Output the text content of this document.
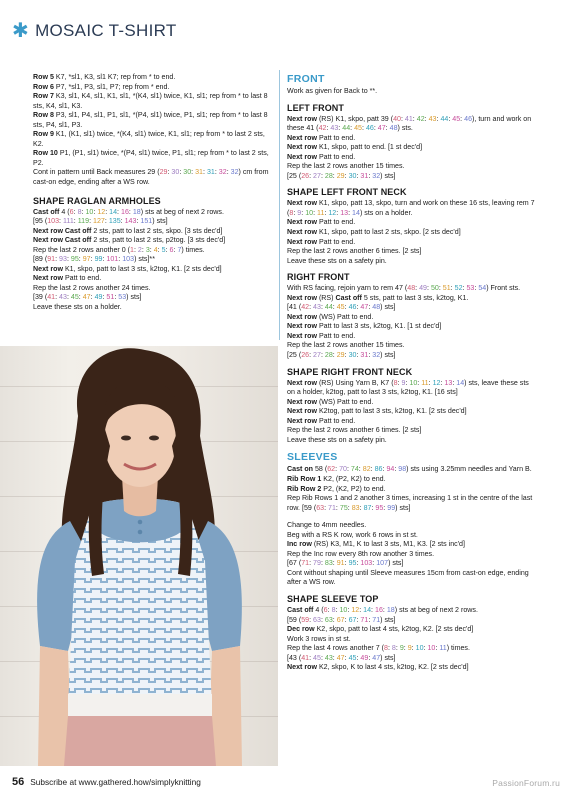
✱ MOSAIC T-SHIRT

Row 5 K7, *sl1, K3, sl1 K7; rep from * to end.

Row 6 P7, *sl1, P3, sl1, P7; rep from * end.

Row 7 K3, sl1, K4, sl1, K1, sl1, *(K4, sl1) twice, K1, sl1; rep from * to last 8 sts, K4, sl1, K3.

Row 8 P3, sl1, P4, sl1, P1, sl1, *(P4, sl1) twice, P1, sl1; rep from * to last 8 sts, P4, sl1, P3.

Row 9 K1, (K1, sl1) twice, *(K4, sl1) twice, K1, sl1; rep from * to last 2 sts, K2.

Row 10 P1, (P1, sl1) twice, *(P4, sl1) twice, P1, sl1; rep from * to last 2 sts, P2.

Cont in pattern until Back measures 29 (29: 30: 30: 31: 31: 32: 32) cm from cast-on edge, ending after a WS row.

SHAPE RAGLAN ARMHOLES

Cast off 4 (6: 8: 10: 12: 14: 16: 18) sts at beg of next 2 rows.

[95 (103: 111: 119: 127: 135: 143: 151) sts]

Next row Cast off 2 sts, patt to last 2 sts, skpo. [3 sts dec'd]

Next row Cast off 2 sts, patt to last 2 sts, p2tog. [3 sts dec'd]

Rep the last 2 rows another 0 (1: 2: 3: 4: 5: 6: 7) times.

[89 (91: 93: 95: 97: 99: 101: 103) sts]**

Next row K1, skpo, patt to last 3 sts, k2tog, K1. [2 sts dec'd]

Next row Patt to end.

Rep the last 2 rows another 24 times.

[39 (41: 43: 45: 47: 49: 51: 53) sts]

Leave these sts on a holder.

FRONT

Work as given for Back to **.

LEFT FRONT

Next row (RS) K1, skpo, patt 39 (40: 41: 42: 43: 44: 45: 46), turn and work on these 41 (42: 43: 44: 45: 46: 47: 48) sts.

Next row Patt to end.

Next row K1, skpo, patt to end. [1 st dec'd]

Next row Patt to end.

Rep the last 2 rows another 15 times.

[25 (26: 27: 28: 29: 30: 31: 32) sts]

SHAPE LEFT FRONT NECK

Next row K1, skpo, patt 13, skpo, turn and work on these 16 sts, leaving rem 7 (8: 9: 10: 11: 12: 13: 14) sts on a holder.

Next row Patt to end.

Next row K1, skpo, patt to last 2 sts, skpo. [2 sts dec'd]

Next row Patt to end.

Rep the last 2 rows another 6 times. [2 sts]

Leave these sts on a safety pin.

RIGHT FRONT

With RS facing, rejoin yarn to rem 47 (48: 49: 50: 51: 52: 53: 54) Front sts.

Next row (RS) Cast off 5 sts, patt to last 3 sts, k2tog, K1.

[41 (42: 43: 44: 45: 46: 47: 48) sts]

Next row (WS) Patt to end.

Next row Patt to last 3 sts, k2tog, K1. [1 st dec'd]

Next row Patt to end.

Rep the last 2 rows another 15 times.

[25 (26: 27: 28: 29: 30: 31: 32) sts]

SHAPE RIGHT FRONT NECK

Next row (RS) Using Yarn B, K7 (8: 9: 10: 11: 12: 13: 14) sts, leave these sts on a holder, k2tog, patt to last 3 sts, k2tog, K1. [16 sts]

Next row (WS) Patt to end.

Next row K2tog, patt to last 3 sts, k2tog, K1. [2 sts dec'd]

Next row Patt to end.

Rep the last 2 rows another 6 times. [2 sts]

Leave these sts on a safety pin.

SLEEVES

Cast on 58 (62: 70: 74: 82: 86: 94: 98) sts using 3.25mm needles and Yarn B.

Rib Row 1 K2, (P2, K2) to end.

Rib Row 2 P2, (K2, P2) to end.

Rep Rib Rows 1 and 2 another 3 times, increasing 1 st in the centre of the last row. [59 (63: 71: 75: 83: 87: 95: 99) sts]

Change to 4mm needles.

Beg with a RS K row, work 6 rows in st st.

Inc row (RS) K3, M1, K to last 3 sts, M1, K3. [2 sts inc'd]

Rep the Inc row every 8th row another 3 times.

[67 (71: 79: 83: 91: 95: 103: 107) sts]

Cont without shaping until Sleeve measures 15cm from cast-on edge, ending after a WS row.

SHAPE SLEEVE TOP

Cast off 4 (6: 8: 10: 12: 14: 16: 18) sts at beg of next 2 rows.

[59 (59: 63: 63: 67: 67: 71: 71) sts]

Dec row K2, skpo, patt to last 4 sts, k2tog, K2. [2 sts dec'd]

Work 3 rows in st st.

Rep the last 4 rows another 7 (8: 8: 9: 9: 10: 10: 11) times.

[43 (41: 45: 43: 47: 45: 49: 47) sts]

Next row K2, skpo, K to last 4 sts, k2tog, K2. [2 sts dec'd]

56 Subscribe at www.gathered.how/simplyknitting	PassionForum.ru
